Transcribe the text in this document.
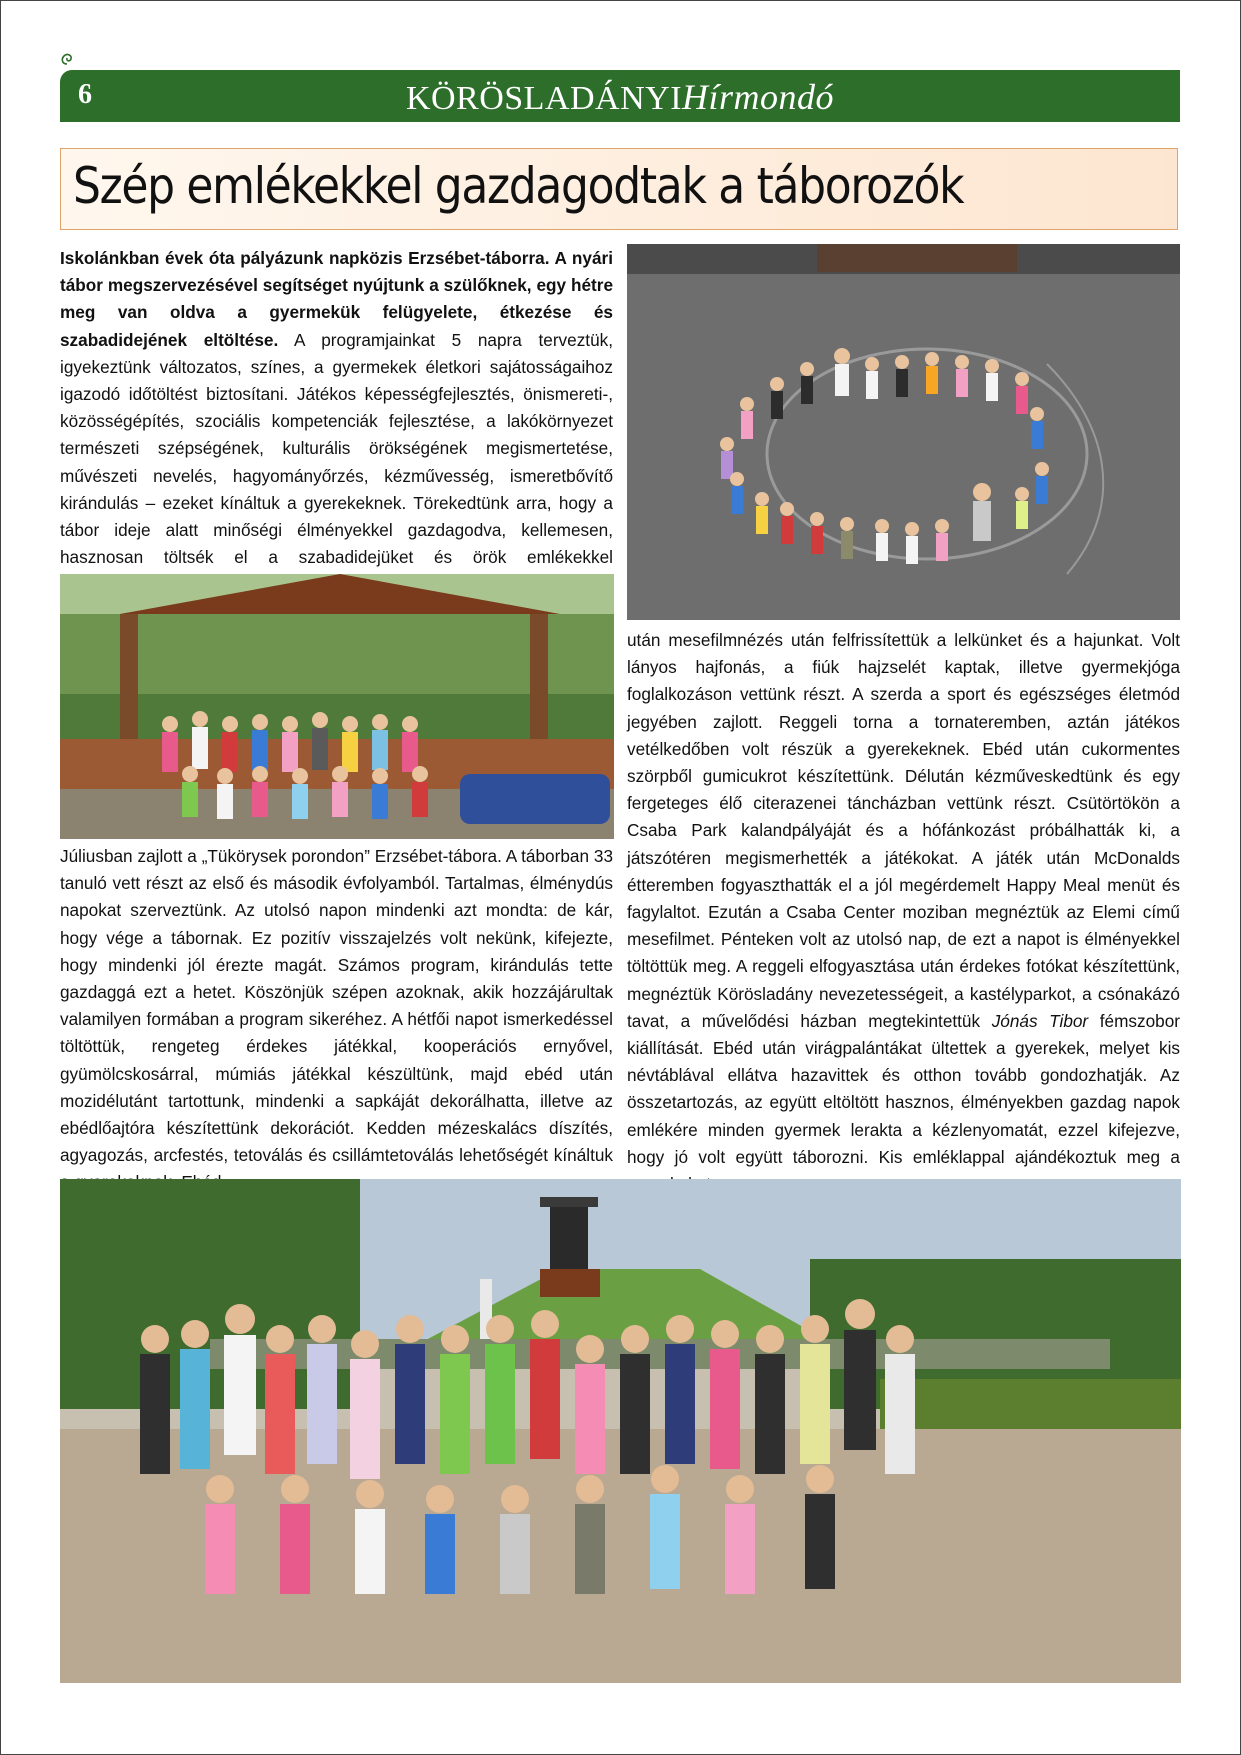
6	KÖRÖSLADÁNYIHírmondó
Szép emlékekkel gazdagodtak a táborozók
Iskolánkban évek óta pályázunk napközis Erzsébet-táborra. A nyári tábor megszervezésével segítséget nyújtunk a szülőknek, egy hétre meg van oldva a gyermekük felügyelete, étkezése és szabadidejének eltöltése. A programjainkat 5 napra terveztük, igyekeztünk változatos, színes, a gyermekek életkori sajátosságaihoz igazodó időtöltést biztosítani. Játékos képességfejlesztés, önismereti-, közösségépítés, szociális kompetenciák fejlesztése, a lakókörnyezet természeti szépségének, kulturális örökségének megismertetése, művészeti nevelés, hagyományőrzés, kézművesség, ismeretbővítő kirándulás – ezeket kínáltuk a gyerekeknek. Törekedtünk arra, hogy a tábor ideje alatt minőségi élményekkel gazdagodva, kellemesen, hasznosan töltsék el a szabadidejüket és örök emlékekkel
Júliusban zajlott a „Tükörysek porondon” Erzsébet-tábora. A táborban 33 tanuló vett részt az első és második évfolyamból. Tartalmas, élménydús napokat szerveztünk. Az utolsó napon mindenki azt mondta: de kár, hogy vége a tábornak. Ez pozitív visszajelzés volt nekünk, kifejezte, hogy mindenki jól érezte magát. Számos program, kirándulás tette gazdaggá ezt a hetet. Köszönjük szépen azoknak, akik hozzájárultak valamilyen formában a program sikeréhez. A hétfői napot ismerkedéssel töltöttük, rengeteg érdekes játékkal, kooperációs ernyővel, gyümölcskosárral, múmiás játékkal készültünk, majd ebéd után mozidélutánt tartottunk, mindenki a sapkáját dekorálhatta, illetve az ebédlőajtóra készítettünk dekorációt. Kedden mézeskalács díszítés, agyagozás, arcfestés, tetoválás és csillámtetoválás lehetőségét kínáltuk
után mesefilmnézés után felfrissítettük a lelkünket és a hajunkat. Volt lányos hajfonás, a fiúk hajzselét kaptak, illetve gyermekjóga foglalkozáson vettünk részt. A szerda a sport és egészséges életmód jegyében zajlott. Reggeli torna a tornateremben, aztán játékos vetélkedőben volt részük a gyerekeknek. Ebéd után cukormentes szörpből gumicukrot készítettünk. Délután kézműveskedtünk és egy fergeteges élő citerazenei táncházban vettünk részt. Csütörtökön a Csaba Park kalandpályáját és a hófánkozást próbálhatták ki, a játszótéren megismerhették a játékokat. A játék után McDonalds étteremben fogyaszthatták el a jól megérdemelt Happy Meal menüt és fagylaltot. Ezután a Csaba Center moziban megnéztük az Elemi című mesefilmet. Pénteken volt az utolsó nap, de ezt a napot is élményekkel töltöttük meg. A reggeli elfogyasztása után érdekes fotókat készítettünk, megnéztük Körösladány nevezetességeit, a kastélyparkot, a csónakázó tavat, a művelődési házban megtekintettük Jónás Tibor fémszobor kiállítását. Ebéd után virágpalántákat ültettek a gyerekek, melyet kis névtáblával ellátva hazavittek és otthon tovább gondozhatják. Az összetartozás, az együtt eltöltött hasznos, élményekben gazdag napok emlékére minden gyermek lerakta a kézlenyomatát, ezzel kifejezve, hogy jó volt együtt táborozni. Kis emléklappal ajándékoztuk meg a
